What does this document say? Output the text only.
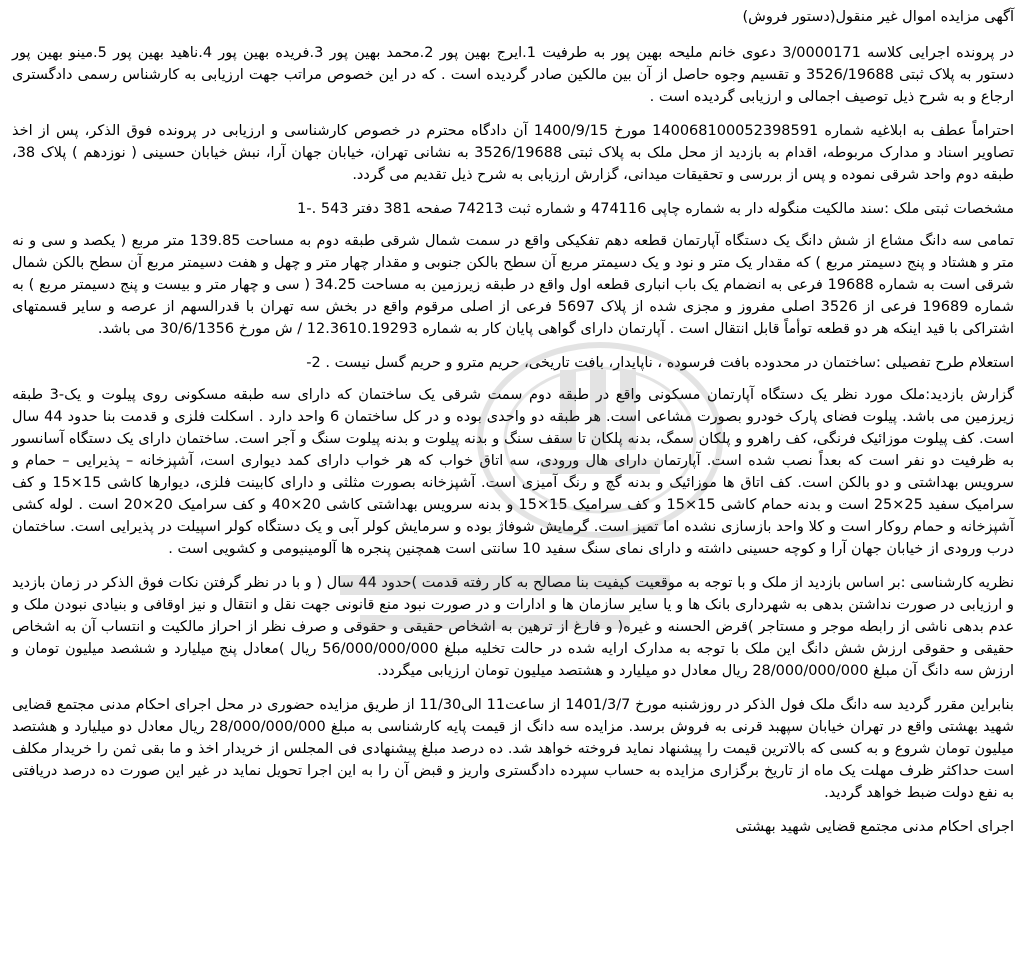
آگهی مزایده اموال غیر منقول(دستور فروش)

در پرونده اجرایی کلاسه 3/0000171 دعوی خانم ملیحه بهین پور به طرفیت 1.ایرج بهین پور 2.محمد بهین پور 3.فریده بهین پور 4.ناهید بهین پور 5.مینو بهین پور دستور به پلاک ثبتی 3526/19688 و تقسیم وجوه حاصل از آن بین مالکین صادر گردیده است . که در این خصوص مراتب جهت ارزیابی به کارشناس رسمی دادگستری ارجاع و به شرح ذیل توصیف اجمالی و ارزیابی گردیده است .

احتراماً عطف به ابلاغیه شماره 140068100052398591 مورخ 1400/9/15 آن دادگاه محترم در خصوص کارشناسی و ارزیابی در پرونده فوق الذکر، پس از اخذ تصاویر اسناد و مدارک مربوطه، اقدام به بازدید از محل ملک به پلاک ثبتی 3526/19688 به نشانی تهران، خیابان جهان آرا، نبش خیابان حسینی ( نوزدهم ) پلاک 38، طبقه دوم واحد شرقی نموده و پس از بررسی و تحقیقات میدانی، گزارش ارزیابی به شرح ذیل تقدیم می گردد.

مشخصات ثبتی ملک :سند مالکیت منگوله دار به شماره چاپی 474116 و شماره ثبت 74213 صفحه 381 دفتر 543 .-1

تمامی سه دانگ مشاع از شش دانگ یک دستگاه آپارتمان قطعه دهم تفکیکی واقع در سمت شمال شرقی طبقه دوم به مساحت 139.85 متر مربع ( یکصد و سی و نه متر و هشتاد و پنج دسیمتر مربع ) که مقدار یک متر و نود و یک دسیمتر مربع آن سطح بالکن جنوبی و مقدار چهار متر و چهل و هفت دسیمتر مربع آن سطح بالکن شمال شرقی است به شماره 19688 فرعی به انضمام یک باب انباری قطعه اول واقع در طبقه زیرزمین به مساحت 34.25 ( سی و چهار متر و بیست و پنج دسیمتر مربع ) به شماره 19689 فرعی از 3526 اصلی مفروز و مجزی شده از پلاک 5697 فرعی از اصلی مرقوم واقع در بخش سه تهران با قدرالسهم از عرصه و سایر قسمتهای اشتراکی با قید اینکه هر دو قطعه توأماً قابل انتقال است . آپارتمان دارای گواهی پایان کار به شماره 12.3610.19293 / ش مورخ 30/6/1356 می باشد.

استعلام طرح تفصیلی :ساختمان در محدوده بافت فرسوده ، ناپایدار، بافت تاریخی، حریم مترو و حریم گسل نیست . 2-

گزارش بازدید:ملک مورد نظر یک دستگاه آپارتمان مسکونی واقع در طبقه دوم سمت شرقی یک ساختمان که دارای سه طبقه مسکونی روی پیلوت و یک-3 طبقه زیرزمین می باشد. پیلوت فضای پارک خودرو بصورت مشاعی است. هر طبقه دو واحدی بوده و در کل ساختمان 6 واحد دارد . اسکلت فلزی و قدمت بنا حدود 44 سال است. کف پیلوت موزائیک فرنگی، کف راهرو و پلکان سمگ، بدنه پلکان تا سقف سنگ و بدنه پیلوت و بدنه پیلوت سنگ و آجر است. ساختمان دارای یک دستگاه آسانسور به ظرفیت دو نفر است که بعداً نصب شده است. آپارتمان دارای هال ورودی، سه اتاق خواب که هر خواب دارای کمد دیواری است، آشپزخانه – پذیرایی – حمام و سرویس بهداشتی و دو بالکن است. کف اتاق ها موزائیک و بدنه گچ و رنگ آمیزی است. آشپزخانه بصورت مثلثی و دارای کابینت فلزی، دیوارها کاشی 15×15 و کف سرامیک سفید 25×25 است و بدنه حمام کاشی 15×15 و کف سرامیک 15×15 و بدنه سرویس بهداشتی کاشی 20×40 و کف سرامیک 20×20 است . لوله کشی آشپزخانه و حمام روکار است و کلا واحد بازسازی نشده اما تمیز است. گرمایش شوفاژ بوده و سرمایش کولر آبی و یک دستگاه کولر اسپیلت در پذیرایی است. ساختمان درب ورودی از خیابان جهان آرا و کوچه حسینی داشته و دارای نمای سنگ سفید 10 سانتی است همچنین پنجره ها آلومینیومی و کشویی است .

نظریه کارشناسی :بر اساس بازدید از ملک و با توجه به موقعیت کیفیت بنا مصالح به کار رفته قدمت )حدود 44 سال ( و با در نظر گرفتن نکات فوق الذکر در زمان بازدید و ارزیابی در صورت نداشتن بدهی به شهرداری بانک ها و یا سایر سازمان ها و ادارات و در صورت نبود منع قانونی جهت نقل و انتقال و نیز اوقافی و بنیادی نبودن ملک و عدم بدهی ناشی از رابطه موجر و مستاجر )قرض الحسنه و غیره( و فارغ از ترهین به اشخاص حقیقی و حقوقی و صرف نظر از احراز مالکیت و انتساب آن به اشخاص حقیقی و حقوقی ارزش شش دانگ این ملک با توجه به مدارک ارایه شده در حالت تخلیه مبلغ 56/000/000/000 ریال )معادل پنج میلیارد و ششصد میلیون تومان و ارزش سه دانگ آن مبلغ 28/000/000/000 ریال معادل دو میلیارد و هشتصد میلیون تومان ارزیابی میگردد.

بنابراین مقرر گردید سه دانگ ملک فول الذکر در روزشنبه مورخ 1401/3/7 از ساعت11 الی11/30 از طریق مزایده حضوری در محل اجرای احکام مدنی مجتمع قضایی شهید بهشتی واقع در تهران خیابان سپهبد قرنی به فروش برسد. مزایده سه دانگ از قیمت پایه کارشناسی به مبلغ 28/000/000/000 ریال معادل دو میلیارد و هشتصد میلیون تومان شروع و به کسی که بالاترین قیمت را پیشنهاد نماید فروخته خواهد شد. ده درصد مبلغ پیشنهادی فی المجلس از خریدار اخذ و ما بقی ثمن را خریدار مکلف است حداکثر ظرف مهلت یک ماه از تاریخ برگزاری مزایده به حساب سپرده دادگستری واریز و قبض آن را به این اجرا تحویل نماید در غیر این صورت ده درصد دریافتی به نفع دولت ضبط خواهد گردید.

اجرای احکام مدنی مجتمع قضایی شهید بهشتی
